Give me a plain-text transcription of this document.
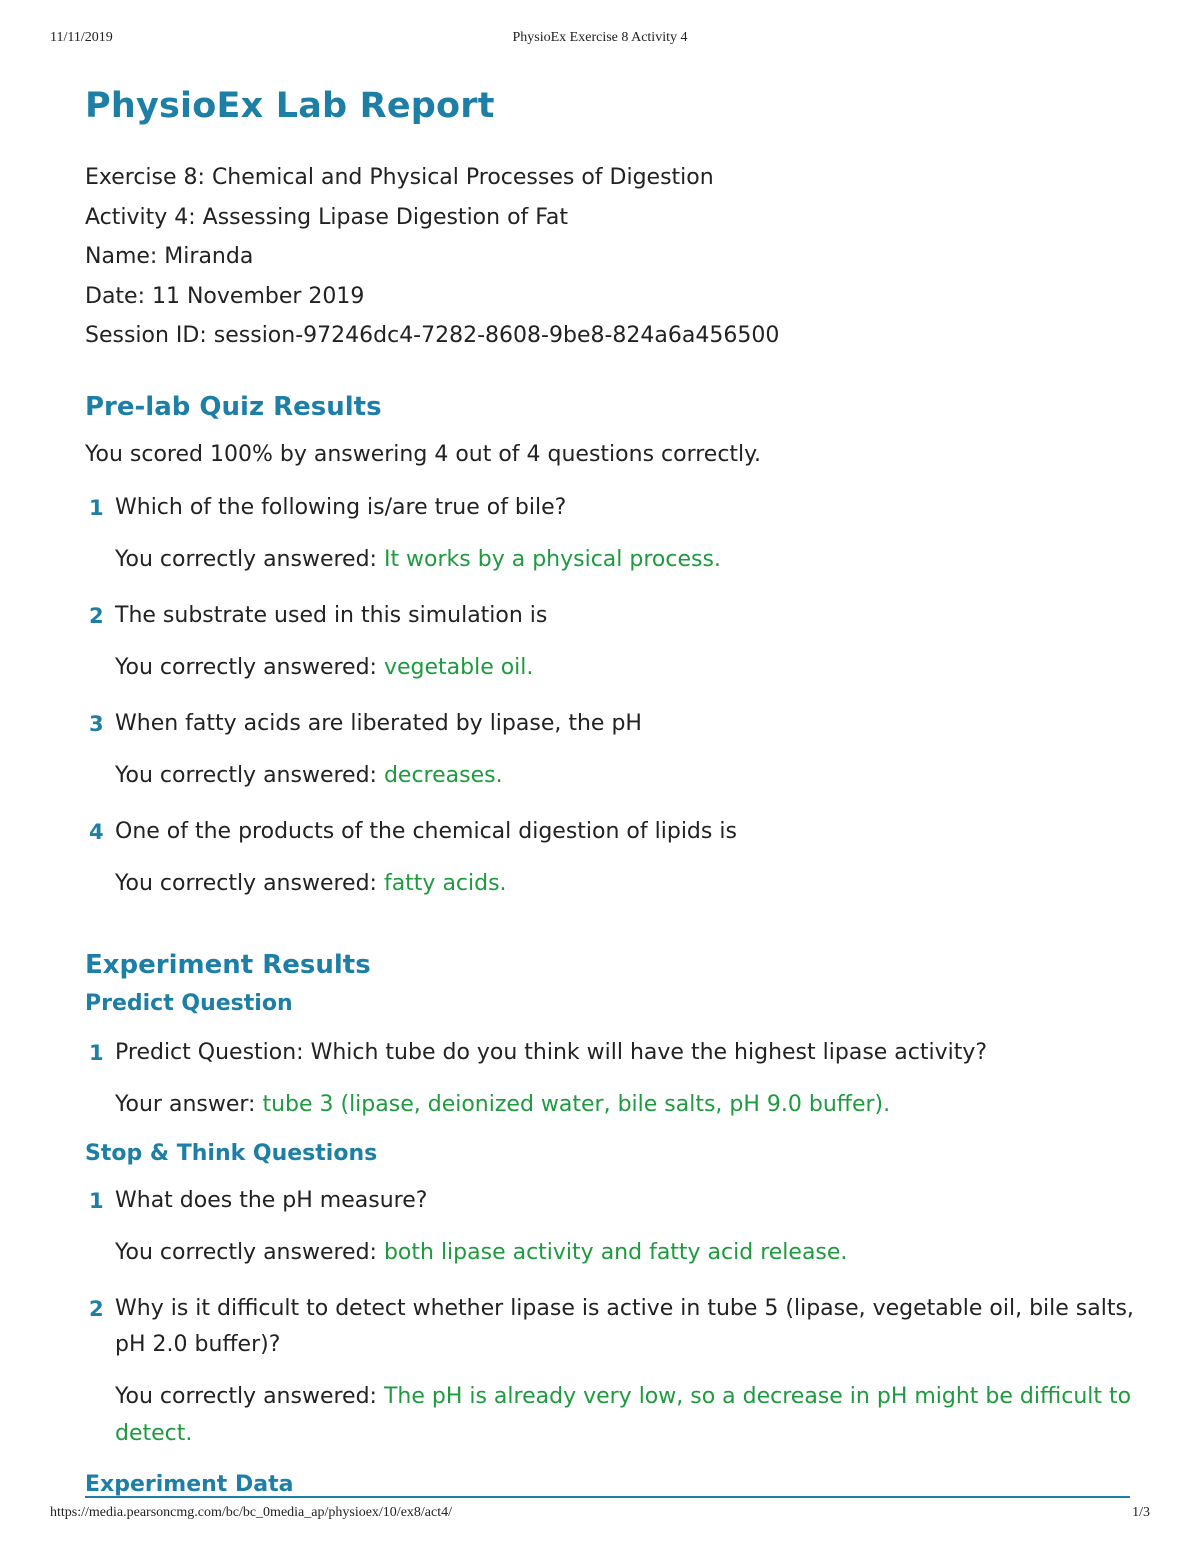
11/11/2019	PhysioEx Exercise 8 Activity 4
PhysioEx Lab Report
Exercise 8: Chemical and Physical Processes of Digestion
Activity 4: Assessing Lipase Digestion of Fat
Name: Miranda
Date: 11 November 2019
Session ID: session-97246dc4-7282-8608-9be8-824a6a456500
Pre-lab Quiz Results
You scored 100% by answering 4 out of 4 questions correctly.
1 Which of the following is/are true of bile?
You correctly answered: It works by a physical process.
2 The substrate used in this simulation is
You correctly answered: vegetable oil.
3 When fatty acids are liberated by lipase, the pH
You correctly answered: decreases.
4 One of the products of the chemical digestion of lipids is
You correctly answered: fatty acids.
Experiment Results
Predict Question
1 Predict Question: Which tube do you think will have the highest lipase activity?
Your answer: tube 3 (lipase, deionized water, bile salts, pH 9.0 buffer).
Stop & Think Questions
1 What does the pH measure?
You correctly answered: both lipase activity and fatty acid release.
2 Why is it difficult to detect whether lipase is active in tube 5 (lipase, vegetable oil, bile salts, pH 2.0 buffer)?
You correctly answered: The pH is already very low, so a decrease in pH might be difficult to detect.
Experiment Data
https://media.pearsoncmg.com/bc/bc_0media_ap/physioex/10/ex8/act4/	1/3
